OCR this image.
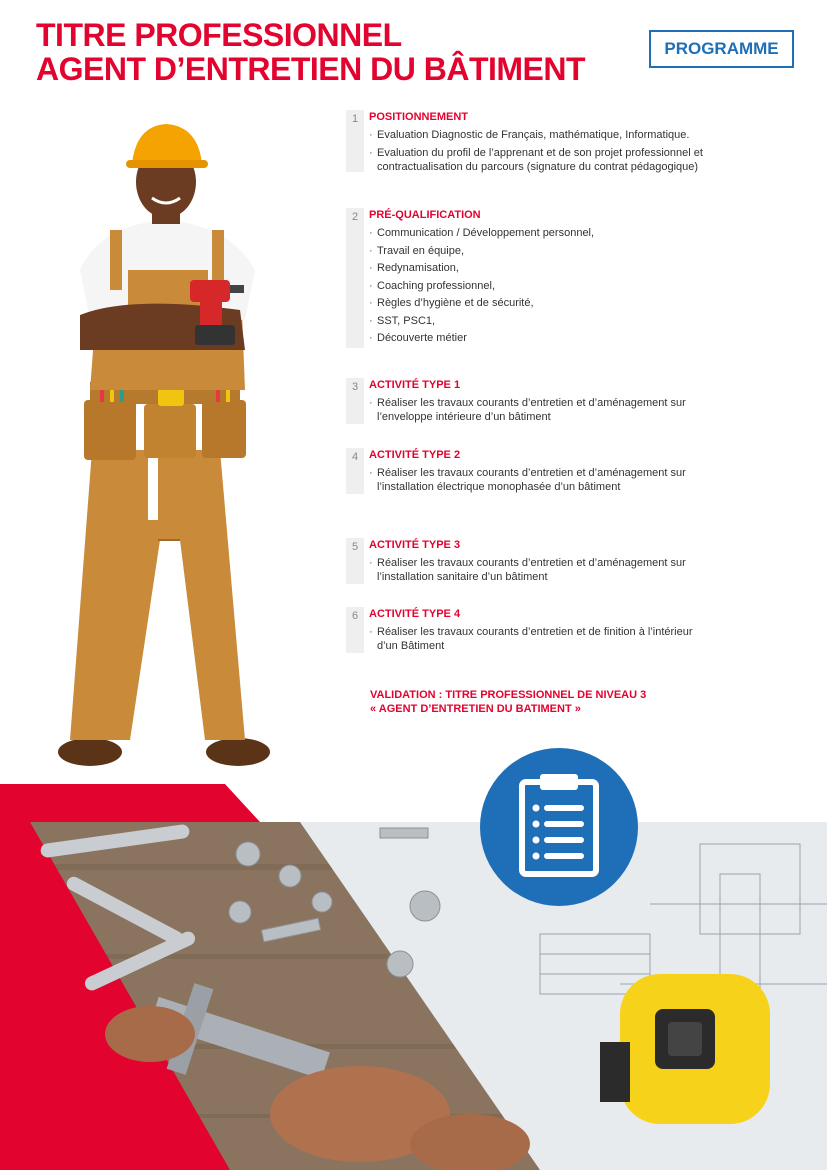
TITRE PROFESSIONNEL
AGENT D’ENTRETIEN DU BÂTIMENT
PROGRAMME
1 POSITIONNEMENT
· Evaluation Diagnostic de Français, mathématique, Informatique.
· Evaluation du profil de l’apprenant et de son projet professionnel et contractualisation du parcours (signature du contrat pédagogique)
2 PRÉ-QUALIFICATION
· Communication / Développement personnel,
· Travail en équipe,
· Redynamisation,
· Coaching professionnel,
· Règles d’hygiène et de sécurité,
· SST, PSC1,
· Découverte métier
3 ACTIVITÉ TYPE 1
· Réaliser les travaux courants d’entretien et d’aménagement sur l’enveloppe intérieure d’un bâtiment
4 ACTIVITÉ TYPE 2
· Réaliser les travaux courants d’entretien et d’aménagement sur l’installation électrique monophasée d’un bâtiment
5 ACTIVITÉ TYPE 3
· Réaliser les travaux courants d’entretien et d’aménagement sur l’installation sanitaire d’un bâtiment
6 ACTIVITÉ TYPE 4
· Réaliser les travaux courants d’entretien et de finition à l’intérieur d’un Bâtiment
VALIDATION : TITRE PROFESSIONNEL DE NIVEAU 3
« AGENT D’ENTRETIEN DU BATIMENT »
